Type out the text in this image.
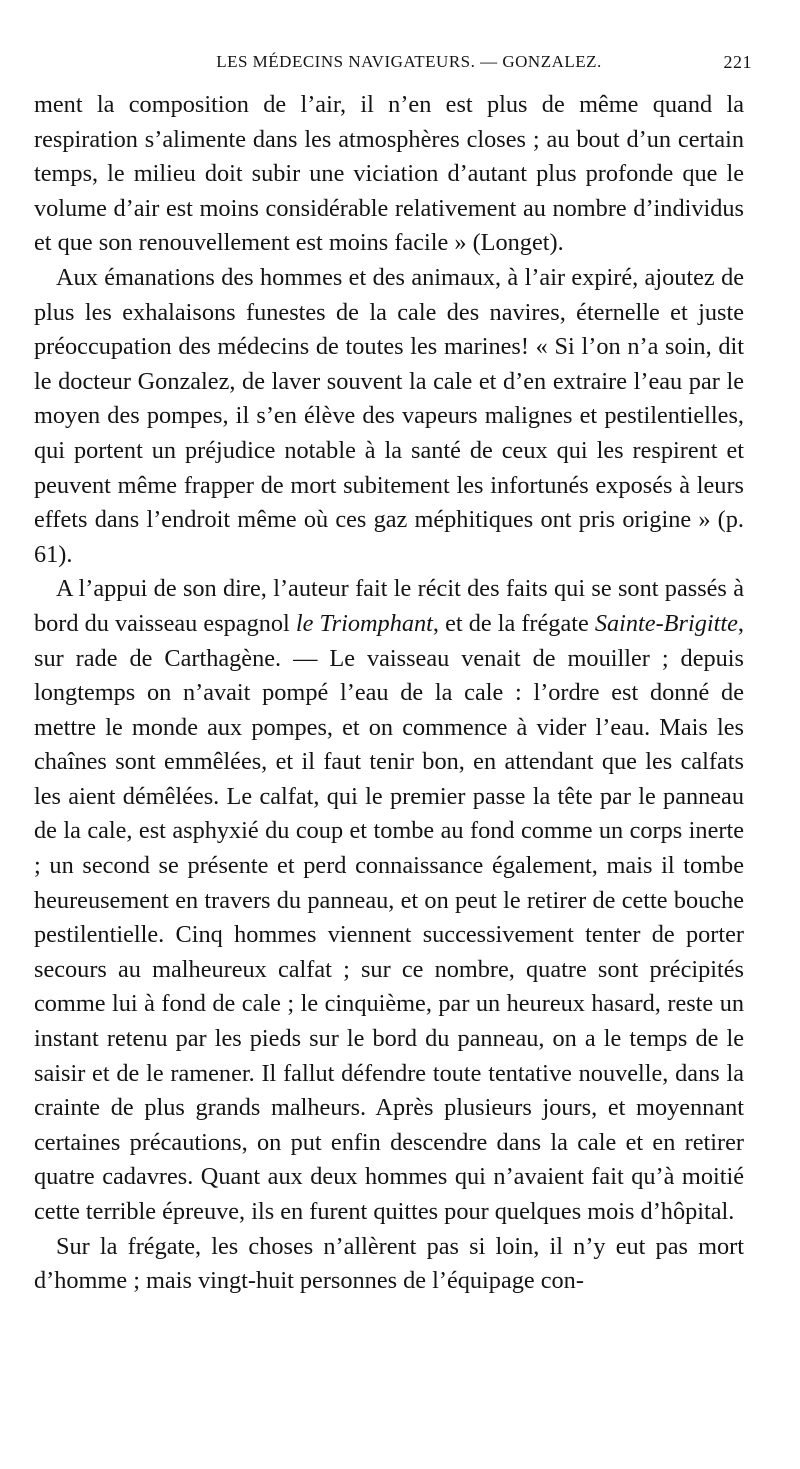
LES MÉDECINS NAVIGATEURS. — GONZALEZ.	221

ment la composition de l’air, il n’en est plus de même quand la respiration s’alimente dans les atmosphères closes ; au bout d’un certain temps, le milieu doit subir une viciation d’autant plus profonde que le volume d’air est moins considérable relativement au nombre d’individus et que son renouvellement est moins facile » (Longet).

Aux émanations des hommes et des animaux, à l’air expiré, ajoutez de plus les exhalaisons funestes de la cale des navires, éternelle et juste préoccupation des médecins de toutes les marines! « Si l’on n’a soin, dit le docteur Gonzalez, de laver souvent la cale et d’en extraire l’eau par le moyen des pompes, il s’en élève des vapeurs malignes et pestilentielles, qui portent un préjudice notable à la santé de ceux qui les respirent et peuvent même frapper de mort subitement les infortunés exposés à leurs effets dans l’endroit même où ces gaz méphitiques ont pris origine » (p. 61).

A l’appui de son dire, l’auteur fait le récit des faits qui se sont passés à bord du vaisseau espagnol le Triomphant, et de la frégate Sainte-Brigitte, sur rade de Carthagène. — Le vaisseau venait de mouiller ; depuis longtemps on n’avait pompé l’eau de la cale : l’ordre est donné de mettre le monde aux pompes, et on commence à vider l’eau. Mais les chaînes sont emmêlées, et il faut tenir bon, en attendant que les calfats les aient démêlées. Le calfat, qui le premier passe la tête par le panneau de la cale, est asphyxié du coup et tombe au fond comme un corps inerte ; un second se présente et perd connaissance également, mais il tombe heureusement en travers du panneau, et on peut le retirer de cette bouche pestilentielle. Cinq hommes viennent successivement tenter de porter secours au malheureux calfat ; sur ce nombre, quatre sont précipités comme lui à fond de cale ; le cinquième, par un heureux hasard, reste un instant retenu par les pieds sur le bord du panneau, on a le temps de le saisir et de le ramener. Il fallut défendre toute tentative nouvelle, dans la crainte de plus grands malheurs. Après plusieurs jours, et moyennant certaines précautions, on put enfin descendre dans la cale et en retirer quatre cadavres. Quant aux deux hommes qui n’avaient fait qu’à moitié cette terrible épreuve, ils en furent quittes pour quelques mois d’hôpital.

Sur la frégate, les choses n’allèrent pas si loin, il n’y eut pas mort d’homme ; mais vingt-huit personnes de l’équipage con-
